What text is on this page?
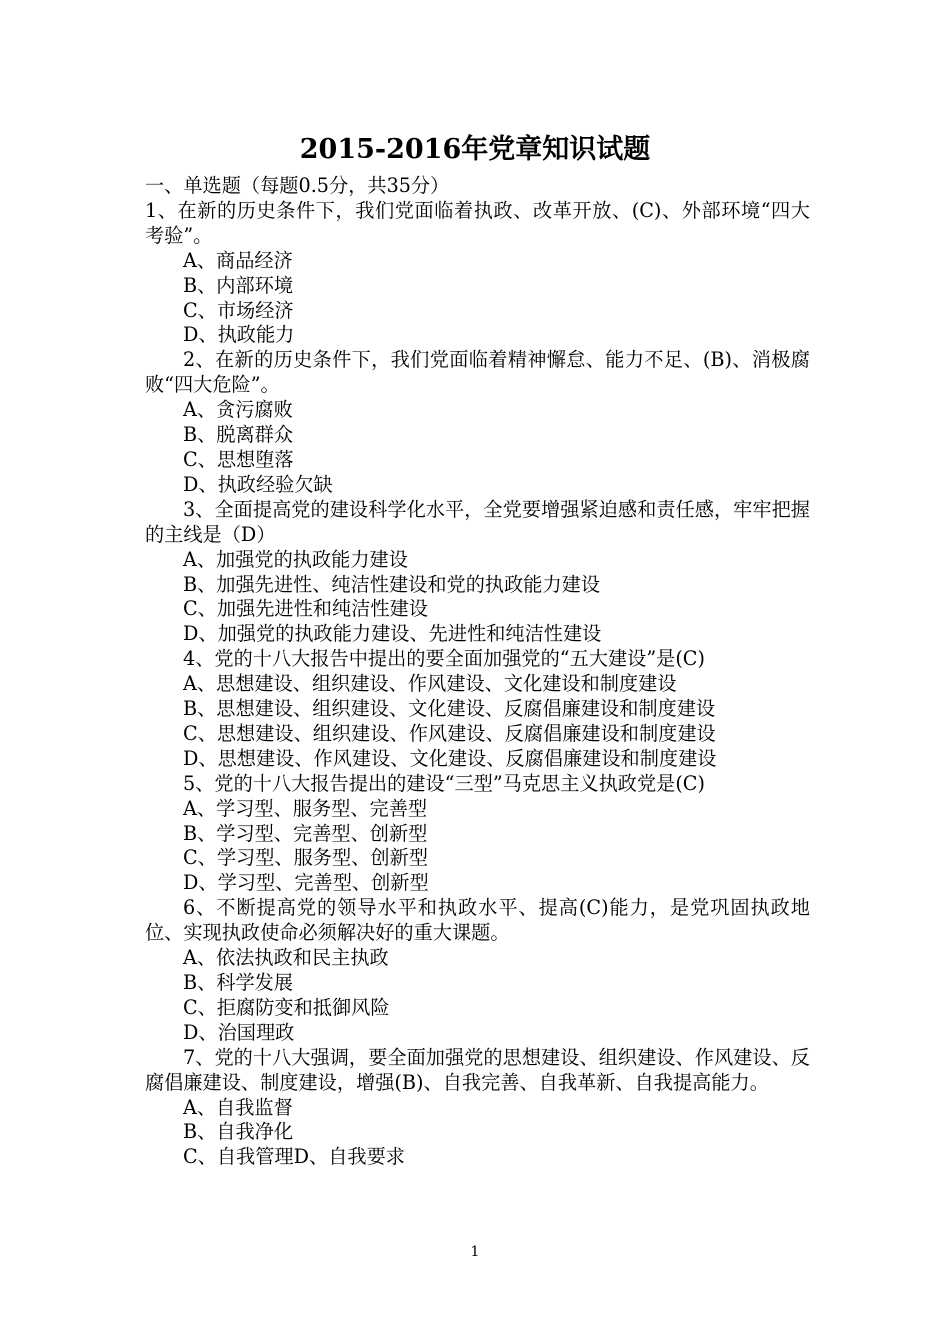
2015-2016年党章知识试题
一、单选题（每题0.5分，共35分）
1、在新的历史条件下，我们党面临着执政、改革开放、(C)、外部环境“四大考验”。
A、商品经济
B、内部环境
C、市场经济
D、执政能力
2、在新的历史条件下，我们党面临着精神懈怠、能力不足、(B)、消极腐败“四大危险”。
A、贪污腐败
B、脱离群众
C、思想堕落
D、执政经验欠缺
3、全面提高党的建设科学化水平，全党要增强紧迫感和责任感，牢牢把握的主线是（D）
A、加强党的执政能力建设
B、加强先进性、纯洁性建设和党的执政能力建设
C、加强先进性和纯洁性建设
D、加强党的执政能力建设、先进性和纯洁性建设
4、党的十八大报告中提出的要全面加强党的“五大建设”是(C)
A、思想建设、组织建设、作风建设、文化建设和制度建设
B、思想建设、组织建设、文化建设、反腐倡廉建设和制度建设
C、思想建设、组织建设、作风建设、反腐倡廉建设和制度建设
D、思想建设、作风建设、文化建设、反腐倡廉建设和制度建设
5、党的十八大报告提出的建设“三型”马克思主义执政党是(C)
A、学习型、服务型、完善型
B、学习型、完善型、创新型
C、学习型、服务型、创新型
D、学习型、完善型、创新型
6、不断提高党的领导水平和执政水平、提高(C)能力，是党巩固执政地位、实现执政使命必须解决好的重大课题。
A、依法执政和民主执政
B、科学发展
C、拒腐防变和抵御风险
D、治国理政
7、党的十八大强调，要全面加强党的思想建设、组织建设、作风建设、反腐倡廉建设、制度建设，增强(B)、自我完善、自我革新、自我提高能力。
A、自我监督
B、自我净化
C、自我管理D、自我要求
1
